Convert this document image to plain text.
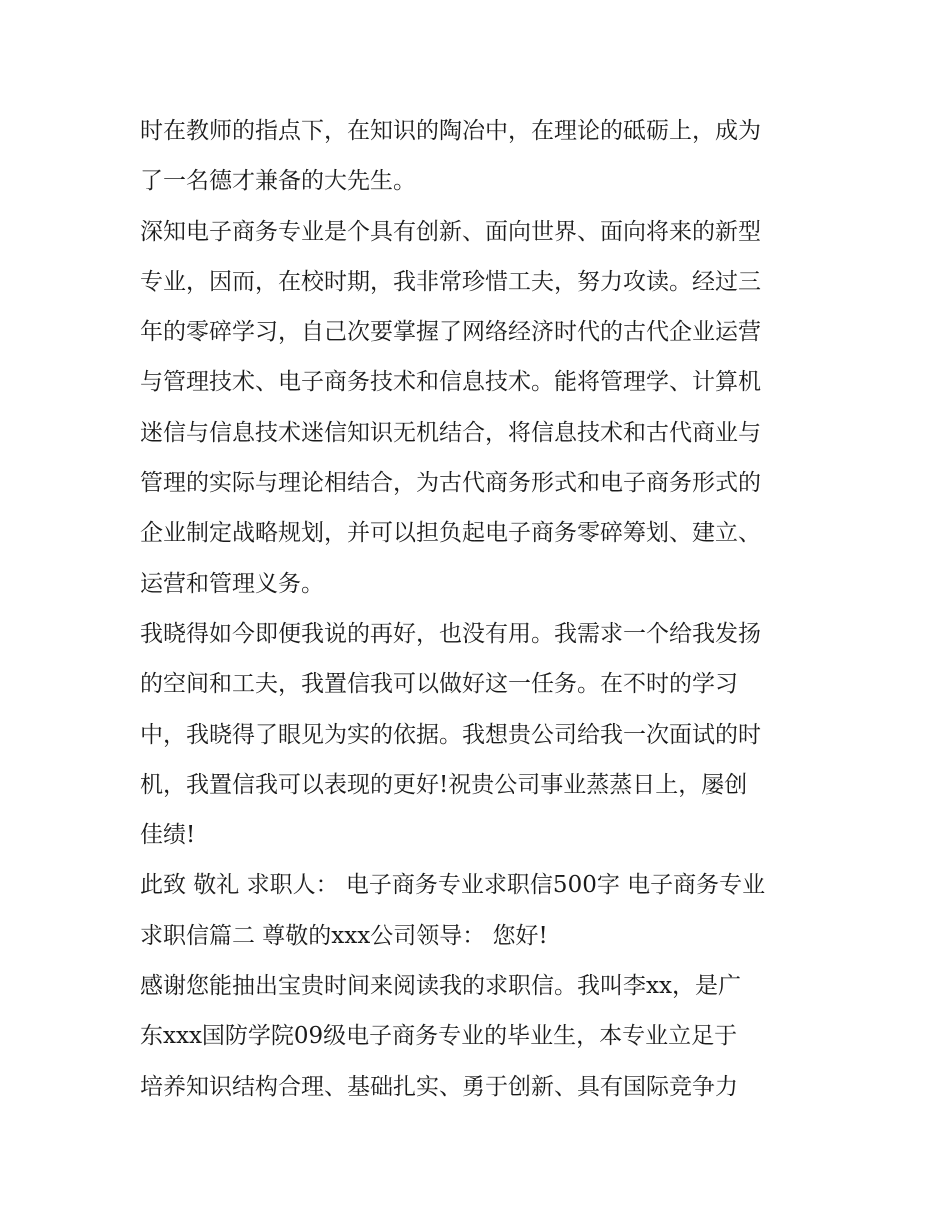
时在教师的指点下，在知识的陶冶中，在理论的砥砺上，成为
了一名德才兼备的大先生。
深知电子商务专业是个具有创新、面向世界、面向将来的新型
专业，因而，在校时期，我非常珍惜工夫，努力攻读。经过三
年的零碎学习，自己次要掌握了网络经济时代的古代企业运营
与管理技术、电子商务技术和信息技术。能将管理学、计算机
迷信与信息技术迷信知识无机结合，将信息技术和古代商业与
管理的实际与理论相结合，为古代商务形式和电子商务形式的
企业制定战略规划，并可以担负起电子商务零碎筹划、建立、
运营和管理义务。
我晓得如今即便我说的再好，也没有用。我需求一个给我发扬
的空间和工夫，我置信我可以做好这一任务。在不时的学习
中，我晓得了眼见为实的依据。我想贵公司给我一次面试的时
机，我置信我可以表现的更好!祝贵公司事业蒸蒸日上，屡创
佳绩!
此致 敬礼 求职人： 电子商务专业求职信500字 电子商务专业
求职信篇二 尊敬的xxx公司领导： 您好!
感谢您能抽出宝贵时间来阅读我的求职信。我叫李xx，是广
东xxx国防学院09级电子商务专业的毕业生，本专业立足于
培养知识结构合理、基础扎实、勇于创新、具有国际竞争力
